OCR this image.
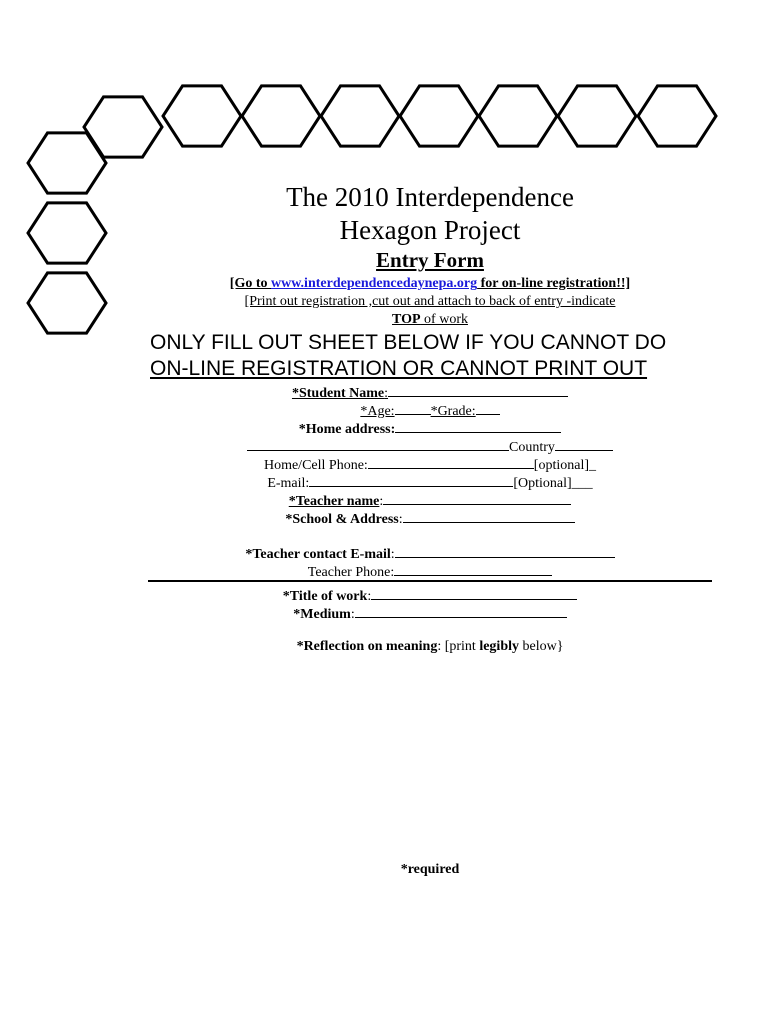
The 2010 Interdependence
Hexagon Project
Entry Form
[Go to www.interdependencedaynepa.org for on-line registration!!]
[Print out registration ,cut out and attach to back of entry -indicate
TOP of work
ONLY FILL OUT SHEET BELOW IF YOU CANNOT DO
ON-LINE REGISTRATION OR CANNOT PRINT OUT
*Student Name:
*Age:	*Grade:
*Home address:
Country
Home/Cell Phone:	[optional]_
E-mail:	[Optional]___
*Teacher name:
*School & Address:
*Teacher contact E-mail:
Teacher Phone:
*Title of work:
*Medium:
*Reflection on meaning: [print legibly below}
*required
